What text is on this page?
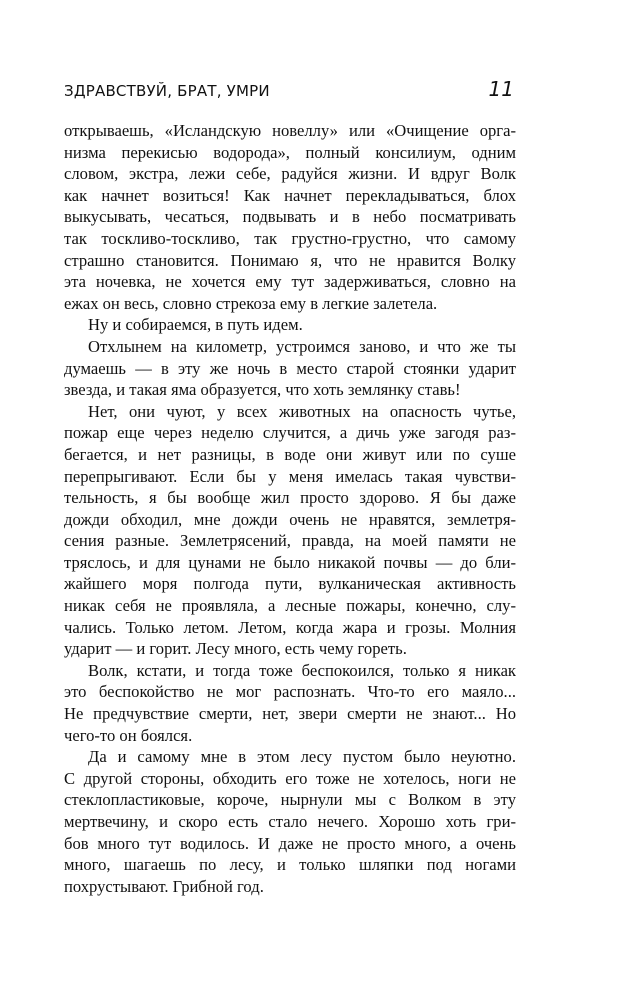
ЗДРАВСТВУЙ, БРАТ, УМРИ	11
открываешь, «Исландскую новеллу» или «Очищение орга-
низма перекисью водорода», полный консилиум, одним
словом, экстра, лежи себе, радуйся жизни. И вдруг Волк
как начнет возиться! Как начнет перекладываться, блох
выкусывать, чесаться, подвывать и в небо посматривать
так тоскливо-тоскливо, так грустно-грустно, что самому
страшно становится. Понимаю я, что не нравится Волку
эта ночевка, не хочется ему тут задерживаться, словно на
ежах он весь, словно стрекоза ему в легкие залетела.
Ну и собираемся, в путь идем.
Отхлынем на километр, устроимся заново, и что же ты
думаешь — в эту же ночь в место старой стоянки ударит
звезда, и такая яма образуется, что хоть землянку ставь!
Нет, они чуют, у всех животных на опасность чутье,
пожар еще через неделю случится, а дичь уже загодя раз-
бегается, и нет разницы, в воде они живут или по суше
перепрыгивают. Если бы у меня имелась такая чувстви-
тельность, я бы вообще жил просто здорово. Я бы даже
дожди обходил, мне дожди очень не нравятся, землетря-
сения разные. Землетрясений, правда, на моей памяти не
тряслось, и для цунами не было никакой почвы — до бли-
жайшего моря полгода пути, вулканическая активность
никак себя не проявляла, а лесные пожары, конечно, слу-
чались. Только летом. Летом, когда жара и грозы. Молния
ударит — и горит. Лесу много, есть чему гореть.
Волк, кстати, и тогда тоже беспокоился, только я никак
это беспокойство не мог распознать. Что-то его маяло...
Не предчувствие смерти, нет, звери смерти не знают... Но
чего-то он боялся.
Да и самому мне в этом лесу пустом было неуютно.
С другой стороны, обходить его тоже не хотелось, ноги не
стеклопластиковые, короче, нырнули мы с Волком в эту
мертвечину, и скоро есть стало нечего. Хорошо хоть гри-
бов много тут водилось. И даже не просто много, а очень
много, шагаешь по лесу, и только шляпки под ногами
похрустывают. Грибной год.
